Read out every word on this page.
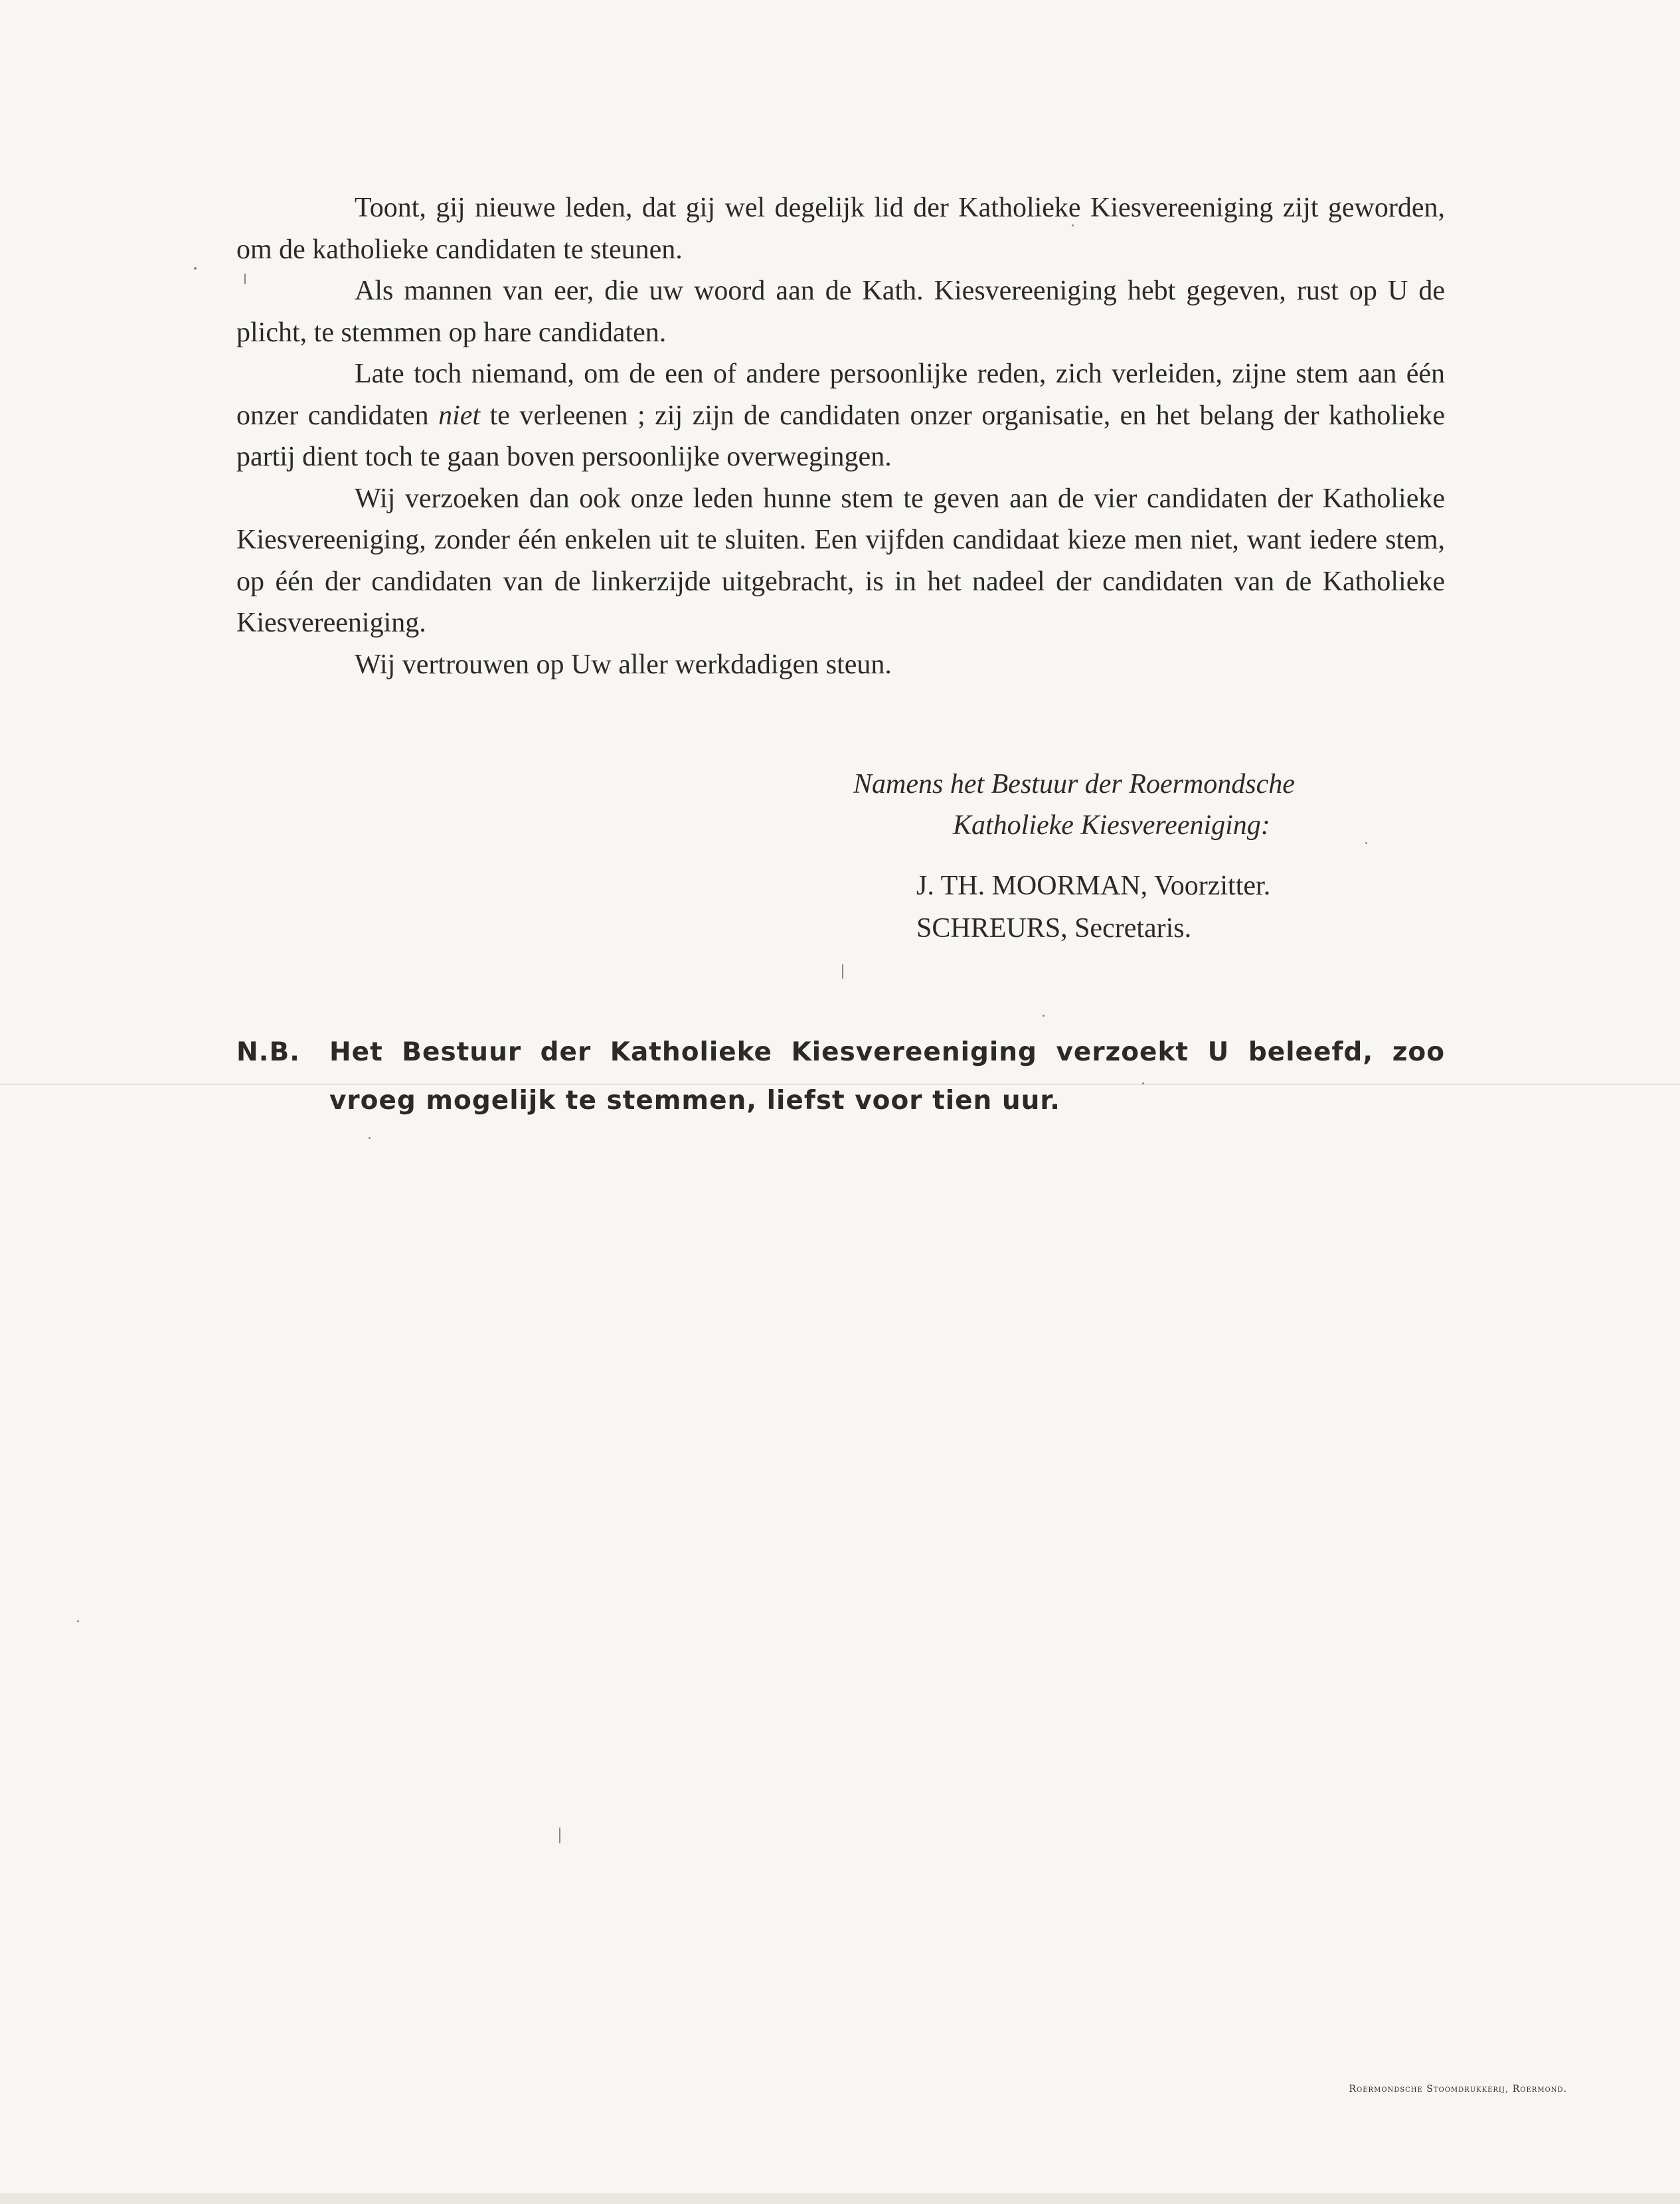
Toont, gij nieuwe leden, dat gij wel degelijk lid der Katholieke Kiesvereeniging zijt geworden, om de katholieke candidaten te steunen.

Als mannen van eer, die uw woord aan de Kath. Kiesvereeniging hebt gegeven, rust op U de plicht, te stemmen op hare candidaten.

Late toch niemand, om de een of andere persoonlijke reden, zich verleiden, zijne stem aan één onzer candidaten niet te verleenen ; zij zijn de candidaten onzer organisatie, en het belang der katholieke partij dient toch te gaan boven persoonlijke overwegingen.

Wij verzoeken dan ook onze leden hunne stem te geven aan de vier candidaten der Katholieke Kiesvereeniging, zonder één enkelen uit te sluiten. Een vijfden candidaat kieze men niet, want iedere stem, op één der candidaten van de linkerzijde uitgebracht, is in het nadeel der candidaten van de Katholieke Kiesvereeniging.

Wij vertrouwen op Uw aller werkdadigen steun.

Namens het Bestuur der Roermondsche
Katholieke Kiesvereeniging:

J. TH. MOORMAN, Voorzitter.
SCHREURS, Secretaris.
N.B. Het Bestuur der Katholieke Kiesvereeniging verzoekt U beleefd, zoo vroeg mogelijk te stemmen, liefst voor tien uur.
Roermondsche Stoomdrukkerij, Roermond.
